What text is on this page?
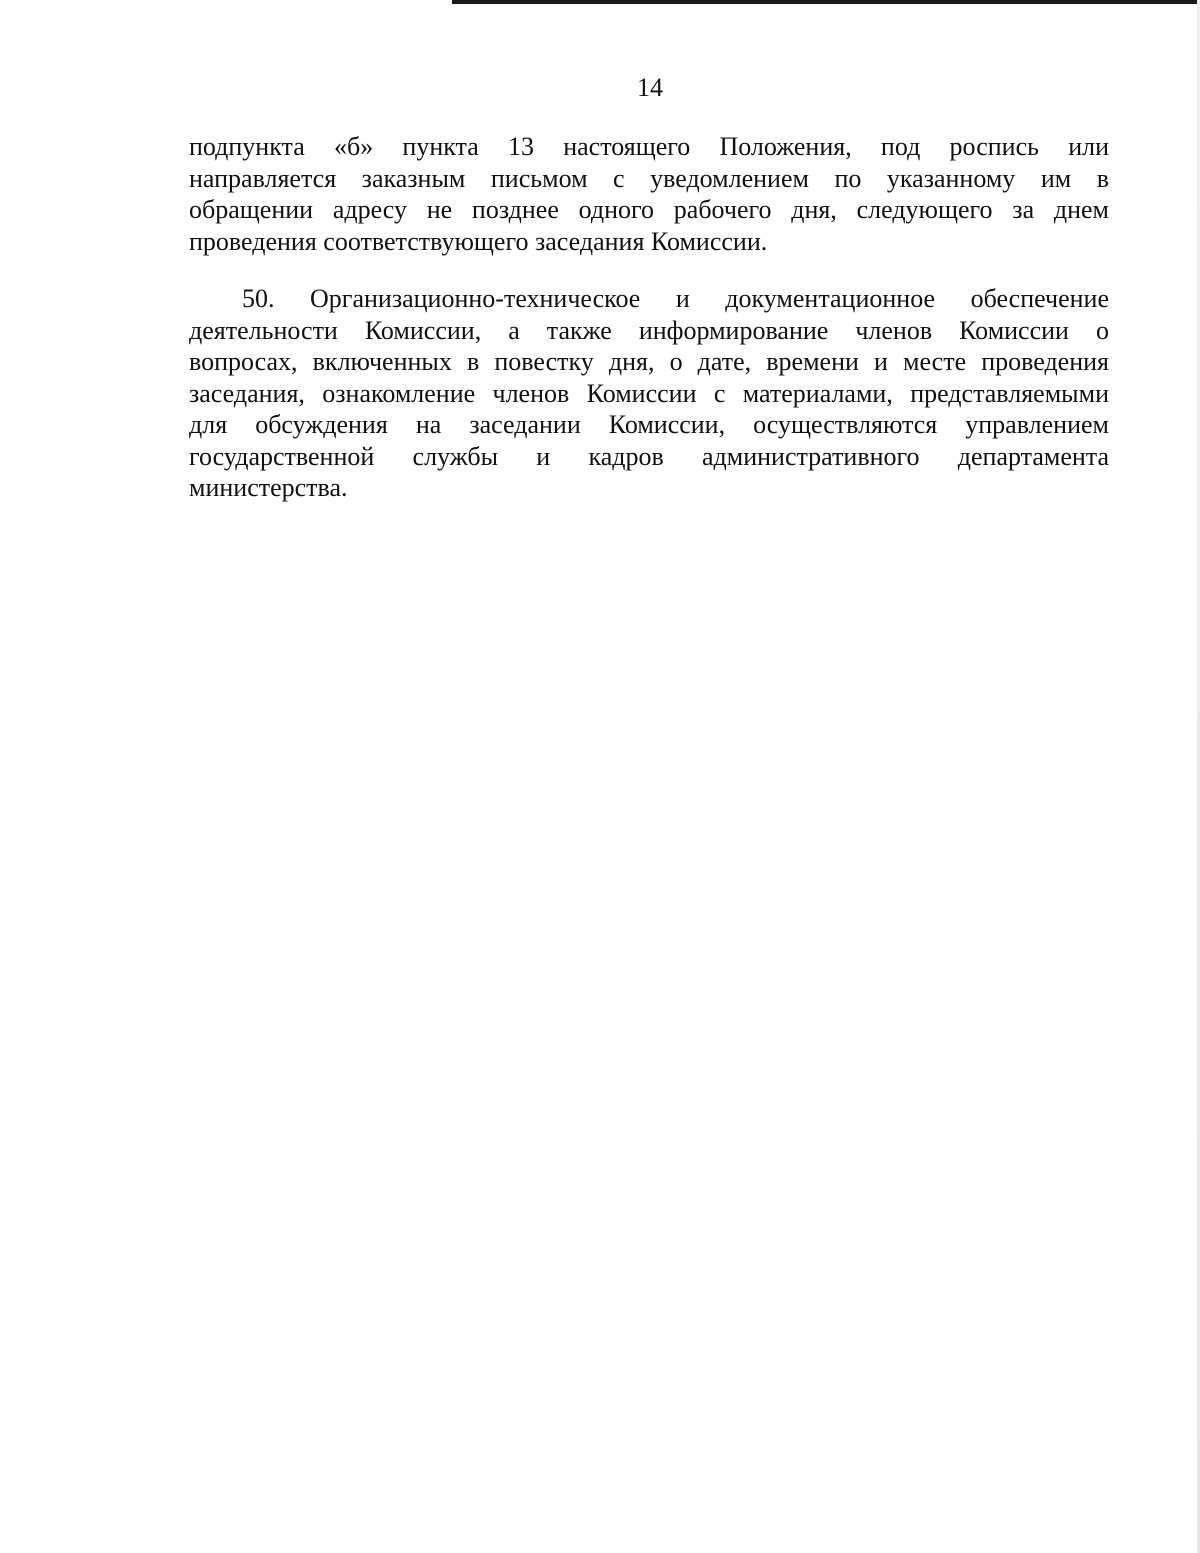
14
подпункта «б» пункта 13 настоящего Положения, под роспись или
направляется заказным письмом с уведомлением по указанному им в
обращении адресу не позднее одного рабочего дня, следующего за днем
проведения соответствующего заседания Комиссии.
50. Организационно-техническое и документационное обеспечение
деятельности Комиссии, а также информирование членов Комиссии о
вопросах, включенных в повестку дня, о дате, времени и месте проведения
заседания, ознакомление членов Комиссии с материалами, представляемыми
для обсуждения на заседании Комиссии, осуществляются управлением
государственной службы и кадров административного департамента
министерства.
